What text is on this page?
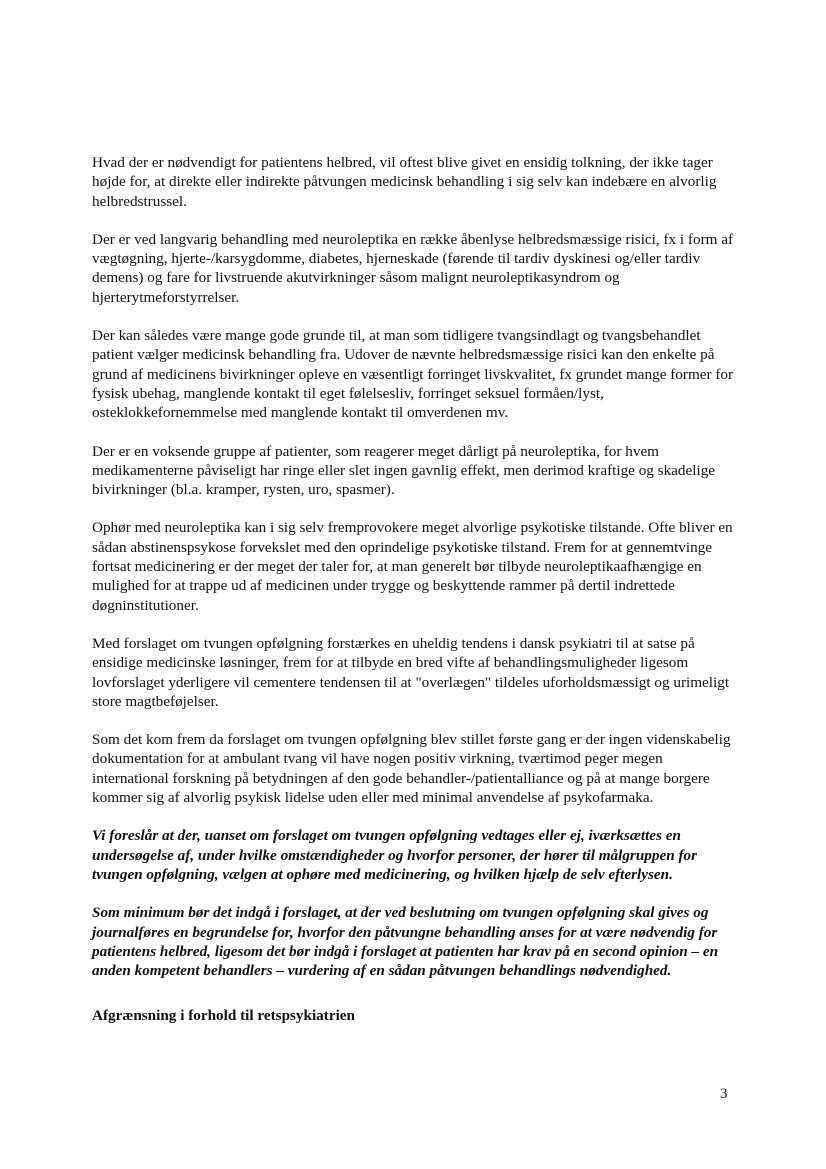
Hvad der er nødvendigt for patientens helbred, vil oftest blive givet en ensidig tolkning, der ikke tager højde for, at direkte eller indirekte påtvungen medicinsk behandling i sig selv kan indebære en alvorlig helbredstrussel.

Der er ved langvarig behandling med neuroleptika en række åbenlyse helbredsmæssige risici, fx i form af vægtøgning, hjerte-/karsygdomme, diabetes, hjerneskade (førende til tardiv dyskinesi og/eller tardiv demens) og fare for livstruende akutvirkninger såsom malignt neuroleptikasyndrom og hjerterytmeforstyrrelser.

Der kan således være mange gode grunde til, at man som tidligere tvangsindlagt og tvangsbehandlet patient vælger medicinsk behandling fra. Udover de nævnte helbredsmæssige risici kan den enkelte på grund af medicinens bivirkninger opleve en væsentligt forringet livskvalitet, fx grundet mange former for fysisk ubehag, manglende kontakt til eget følelsesliv, forringet seksuel formåen/lyst, osteklokkefornemmelse med manglende kontakt til omverdenen mv.

Der er en voksende gruppe af patienter, som reagerer meget dårligt på neuroleptika, for hvem medikamenterne påviseligt har ringe eller slet ingen gavnlig effekt, men derimod kraftige og skadelige bivirkninger (bl.a. kramper, rysten, uro, spasmer).

Ophør med neuroleptika kan i sig selv fremprovokere meget alvorlige psykotiske tilstande. Ofte bliver en sådan abstinenspsykose forvekslet med den oprindelige psykotiske tilstand. Frem for at gennemtvinge fortsat medicinering er der meget der taler for, at man generelt bør tilbyde neuroleptikaafhængige en mulighed for at trappe ud af medicinen under trygge og beskyttende rammer på dertil indrettede døgninstitutioner.

Med forslaget om tvungen opfølgning forstærkes en uheldig tendens i dansk psykiatri til at satse på ensidige medicinske løsninger, frem for at tilbyde en bred vifte af behandlingsmuligheder ligesom lovforslaget yderligere vil cementere tendensen til at "overlægen" tildeles uforholdsmæssigt og urimeligt store magtbeføjelser.

Som det kom frem da forslaget om tvungen opfølgning blev stillet første gang er der ingen videnskabelig dokumentation for at ambulant tvang vil have nogen positiv virkning, tværtimod peger megen international forskning på betydningen af den gode behandler-/patientalliance og på at mange borgere kommer sig af alvorlig psykisk lidelse uden eller med minimal anvendelse af psykofarmaka.

Vi foreslår at der, uanset om forslaget om tvungen opfølgning vedtages eller ej, iværksættes en undersøgelse af, under hvilke omstændigheder og hvorfor personer, der hører til målgruppen for tvungen opfølgning, vælgen at ophøre med medicinering, og hvilken hjælp de selv efterlysen.

Som minimum bør det indgå i forslaget, at der ved beslutning om tvungen opfølgning skal gives og journalføres en begrundelse for, hvorfor den påtvungne behandling anses for at være nødvendig for patientens helbred, ligesom det bør indgå i forslaget at patienten har krav på en second opinion – en anden kompetent behandlers – vurdering af en sådan påtvungen behandlings nødvendighed.

Afgrænsning i forhold til retspsykiatrien
3
